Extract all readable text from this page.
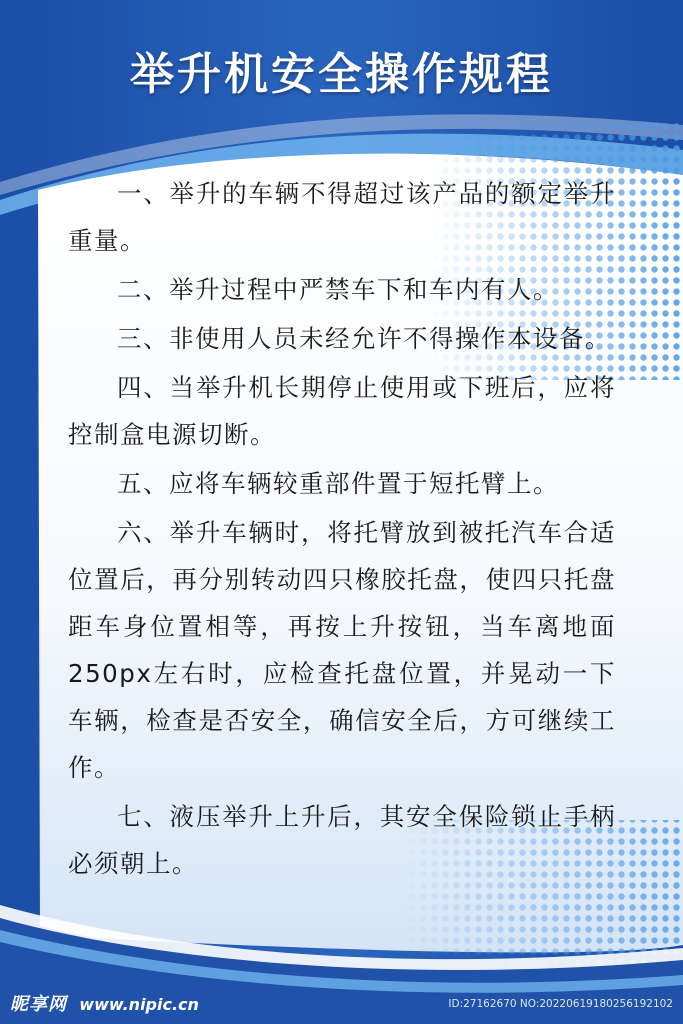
举升机安全操作规程

一、举升的车辆不得超过该产品的额定举升重量。

二、举升过程中严禁车下和车内有人。

三、非使用人员未经允许不得操作本设备。

四、当举升机长期停止使用或下班后，应将控制盒电源切断。

五、应将车辆较重部件置于短托臂上。

六、举升车辆时，将托臂放到被托汽车合适位置后，再分别转动四只橡胶托盘，使四只托盘距车身位置相等，再按上升按钮，当车离地面250px左右时，应检查托盘位置，并晃动一下车辆，检查是否安全，确信安全后，方可继续工作。

七、液压举升上升后，其安全保险锁止手柄必须朝上。

昵享网 www.nipic.cn	ID:27162670 NO:20220619180256192102
